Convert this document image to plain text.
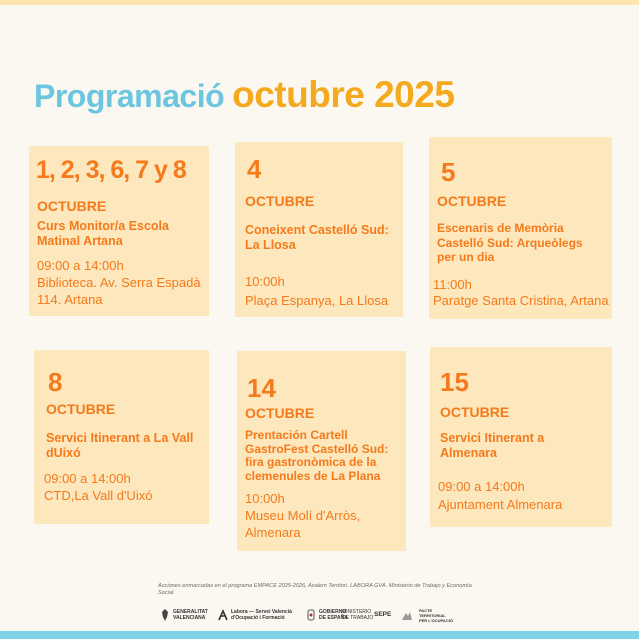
Programació octubre 2025
1, 2, 3, 6, 7 y 8
OCTUBRE
Curs Monitor/a Escola Matinal Artana
09:00 a 14:00h
Biblioteca. Av. Serra Espadà 114. Artana
4
OCTUBRE
Coneixent Castelló Sud: La Llosa
10:00h
Plaça Espanya, La Llosa
5
OCTUBRE
Escenaris de Memòria Castelló Sud: Arqueòlegs per un dia
11:00h
Paratge Santa Cristina, Artana
8
OCTUBRE
Servici Itinerant a La Vall dUixó
09:00 a 14:00h
CTD,La Vall d'Uixó
14
OCTUBRE
Prentación Cartell GastroFest Castelló Sud: fira gastronòmica de la clemenules de La Plana
10:00h
Museu Molí d'Arròs, Almenara
15
OCTUBRE
Servici Itinerant a Almenara
09:00 a 14:00h
Ajuntament Almenara
Acciones enmarcadas en el programa EMPACE 2025-2026, Avalem Territori. LABORA GVA. Ministerio de Trabajo y Economía Social.
GENERALITAT
VALENCIANA
Labora — Servei Valencià
d'Ocupació i Formació
GOBIERNO
DE ESPAÑA
MINISTERIO
DE TRABAJO SEPE
PACTE TERRITORIAL
PER L'OCUPACIÓ
